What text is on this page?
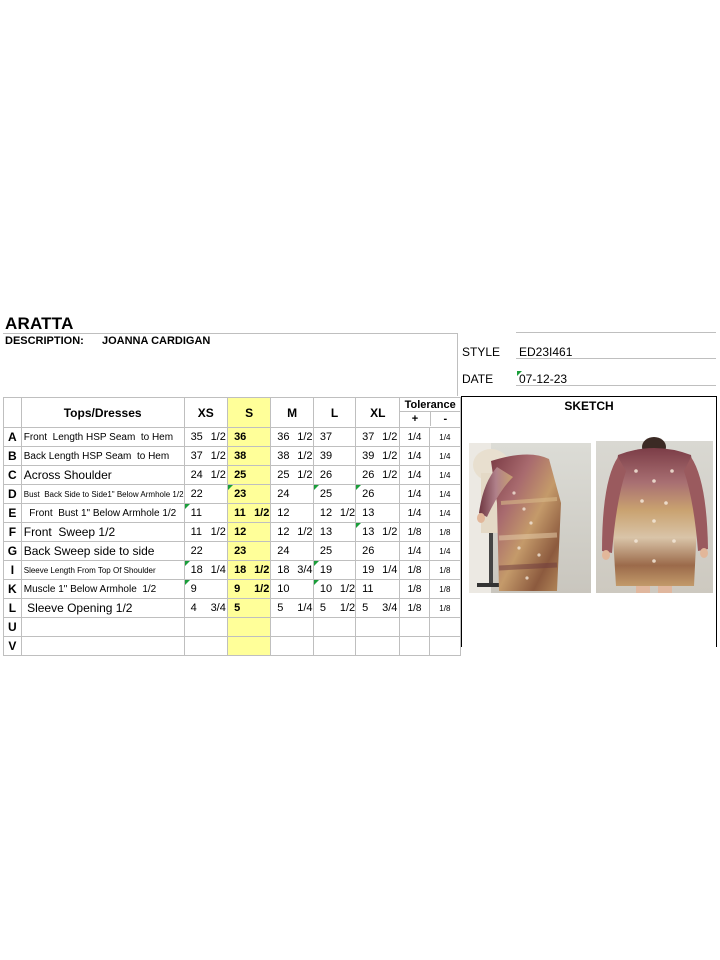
ARATTA
DESCRIPTION: JOANNA CARDIGAN
STYLE ED23I461
DATE 07-12-23
	Tops/Dresses	XS	S	M	L	XL	Tolerance
+ -	

A	Front  Length HSP Seam  to Hem	35 1/2	36	36 1/2	37	37 1/2	1/4	1/4
B	Back Length HSP Seam  to Hem	37 1/2	38	38 1/2	39	39 1/2	1/4	1/4
C	Across Shoulder	24 1/2	25	25 1/2	26	26 1/2	1/4	1/4
D	Bust  Back Side to Side1" Below Armhole 1/2	22	23	24	25	26	1/4	1/4
E	Front  Bust 1" Below Armhole 1/2	11	11 1/2	12	12 1/2	13	1/4	1/4
F	Front  Sweep 1/2	11 1/2	12	12 1/2	13	13 1/2	1/8	1/8
G	Back Sweep side to side	22	23	24	25	26	1/4	1/4
I	Sleeve Length From Top Of Shoulder	18 1/4	18 1/2	18 3/4	19	19 1/4	1/8	1/8
K	Muscle 1" Below Armhole  1/2	9	9 1/2	10	10 1/2	11	1/8	1/8
L	Sleeve Opening 1/2	4 3/4	5	5 1/4	5 1/2	5 3/4	1/8	1/8
U		

V		

SKETCH
